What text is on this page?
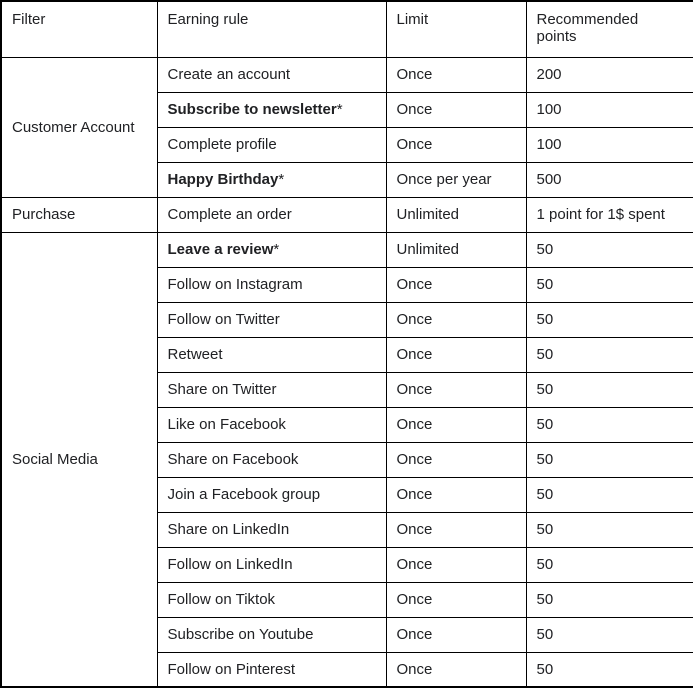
Filter	Earning rule	Limit	Recommended points

Customer Account	Create an account	Once	200
	Subscribe to newsletter*	Once	100
	Complete profile	Once	100
	Happy Birthday*	Once per year	500
Purchase	Complete an order	Unlimited	1 point for 1$ spent
Social Media	Leave a review*	Unlimited	50
	Follow on Instagram	Once	50
	Follow on Twitter	Once	50
	Retweet	Once	50
	Share on Twitter	Once	50
	Like on Facebook	Once	50
	Share on Facebook	Once	50
	Join a Facebook group	Once	50
	Share on LinkedIn	Once	50
	Follow on LinkedIn	Once	50
	Follow on Tiktok	Once	50
	Subscribe on Youtube	Once	50
	Follow on Pinterest	Once	50
